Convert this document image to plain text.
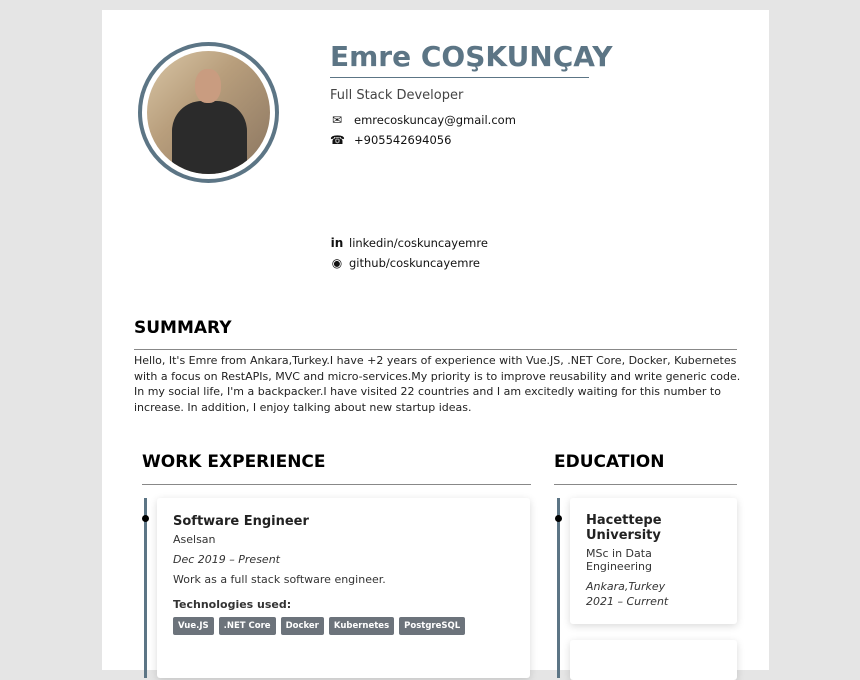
Emre COŞKUNÇAY
Full Stack Developer
✉ emrecoskuncay@gmail.com
☎ +905542694056
in linkedin/coskuncayemre
◉ github/coskuncayemre
SUMMARY
Hello, It's Emre from Ankara,Turkey.I have +2 years of experience with Vue.JS, .NET Core, Docker, Kubernetes with a focus on RestAPIs, MVC and micro-services.My priority is to improve reusability and write generic code. In my social life, I'm a backpacker.I have visited 22 countries and I am excitedly waiting for this number to increase. In addition, I enjoy talking about new startup ideas.
WORK EXPERIENCE
Software Engineer
Aselsan
Dec 2019 – Present
Work as a full stack software engineer.
Technologies used:
Vue.JS	.NET Core	Docker	Kubernetes	PostgreSQL
EDUCATION
Hacettepe University
MSc in Data Engineering
Ankara,Turkey
2021 – Current
